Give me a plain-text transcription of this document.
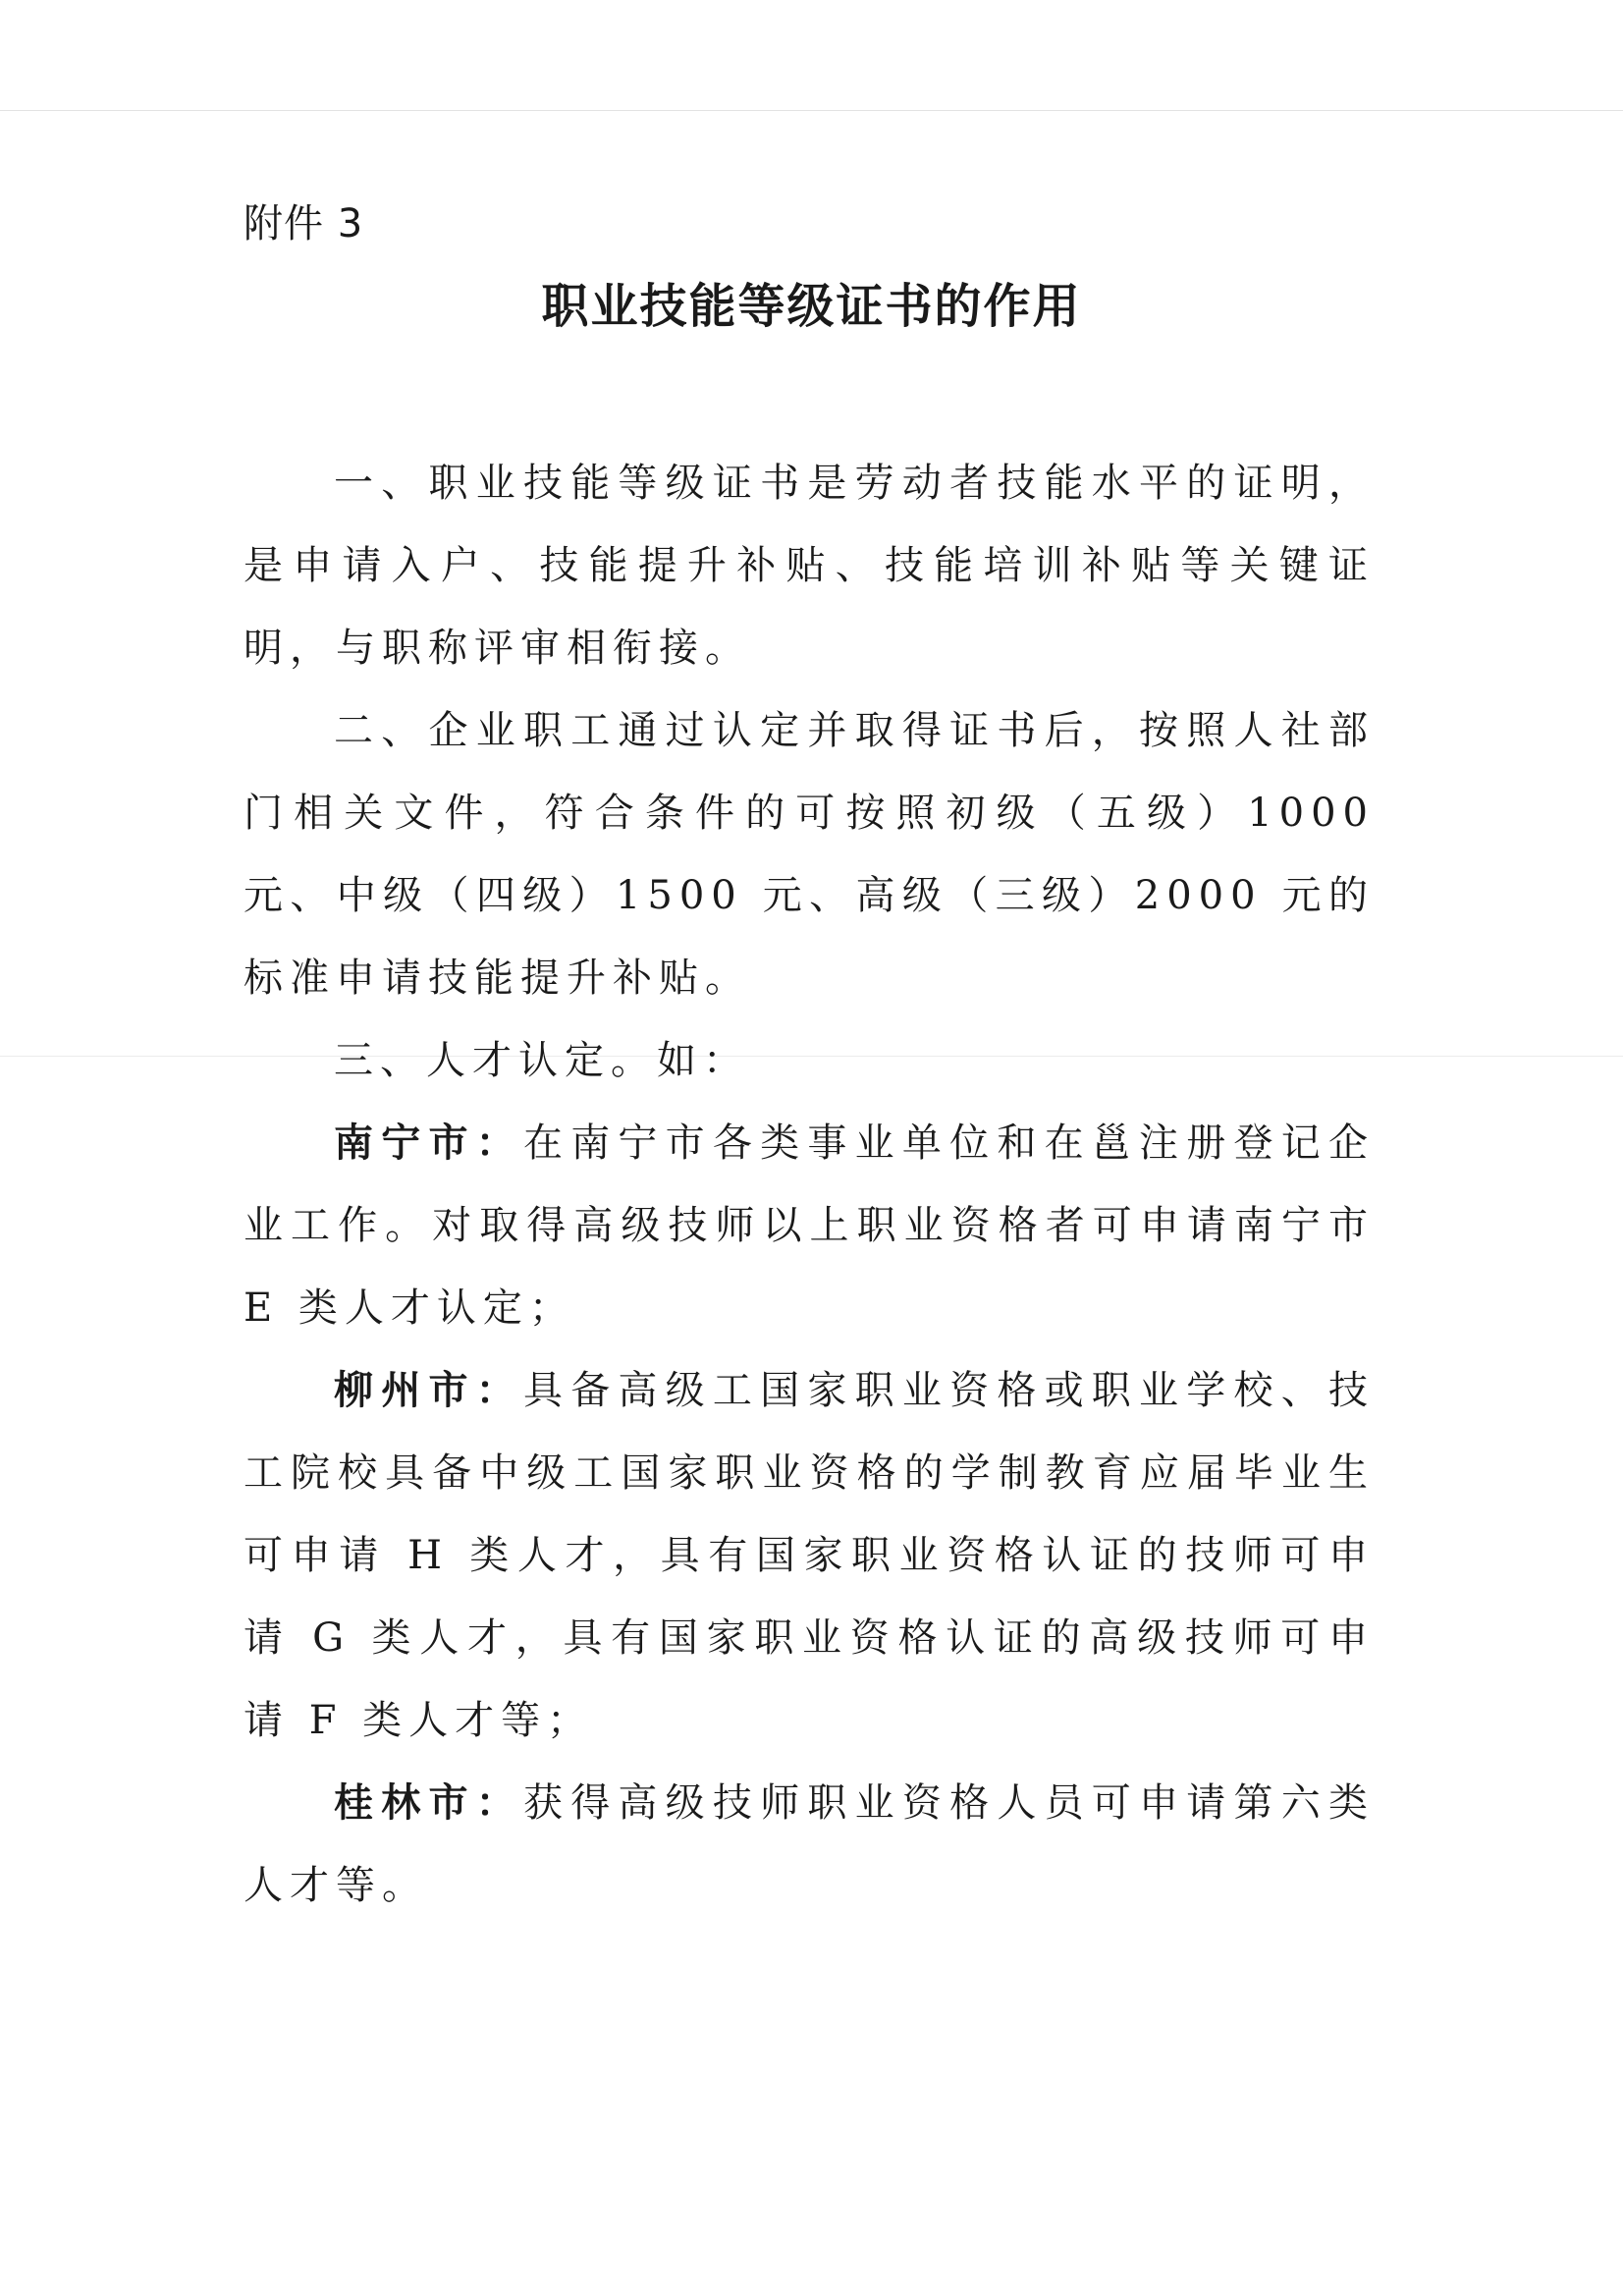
附件 3
职业技能等级证书的作用

一、职业技能等级证书是劳动者技能水平的证明，是申请入户、技能提升补贴、技能培训补贴等关键证明，与职称评审相衔接。

二、企业职工通过认定并取得证书后，按照人社部门相关文件，符合条件的可按照初级（五级）1000 元、中级（四级）1500 元、高级（三级）2000 元的标准申请技能提升补贴。

三、人才认定。如：

南宁市：在南宁市各类事业单位和在邕注册登记企业工作。对取得高级技师以上职业资格者可申请南宁市 E 类人才认定；

柳州市：具备高级工国家职业资格或职业学校、技工院校具备中级工国家职业资格的学制教育应届毕业生可申请 H 类人才，具有国家职业资格认证的技师可申请 G 类人才，具有国家职业资格认证的高级技师可申请 F 类人才等；

桂林市：获得高级技师职业资格人员可申请第六类人才等。
